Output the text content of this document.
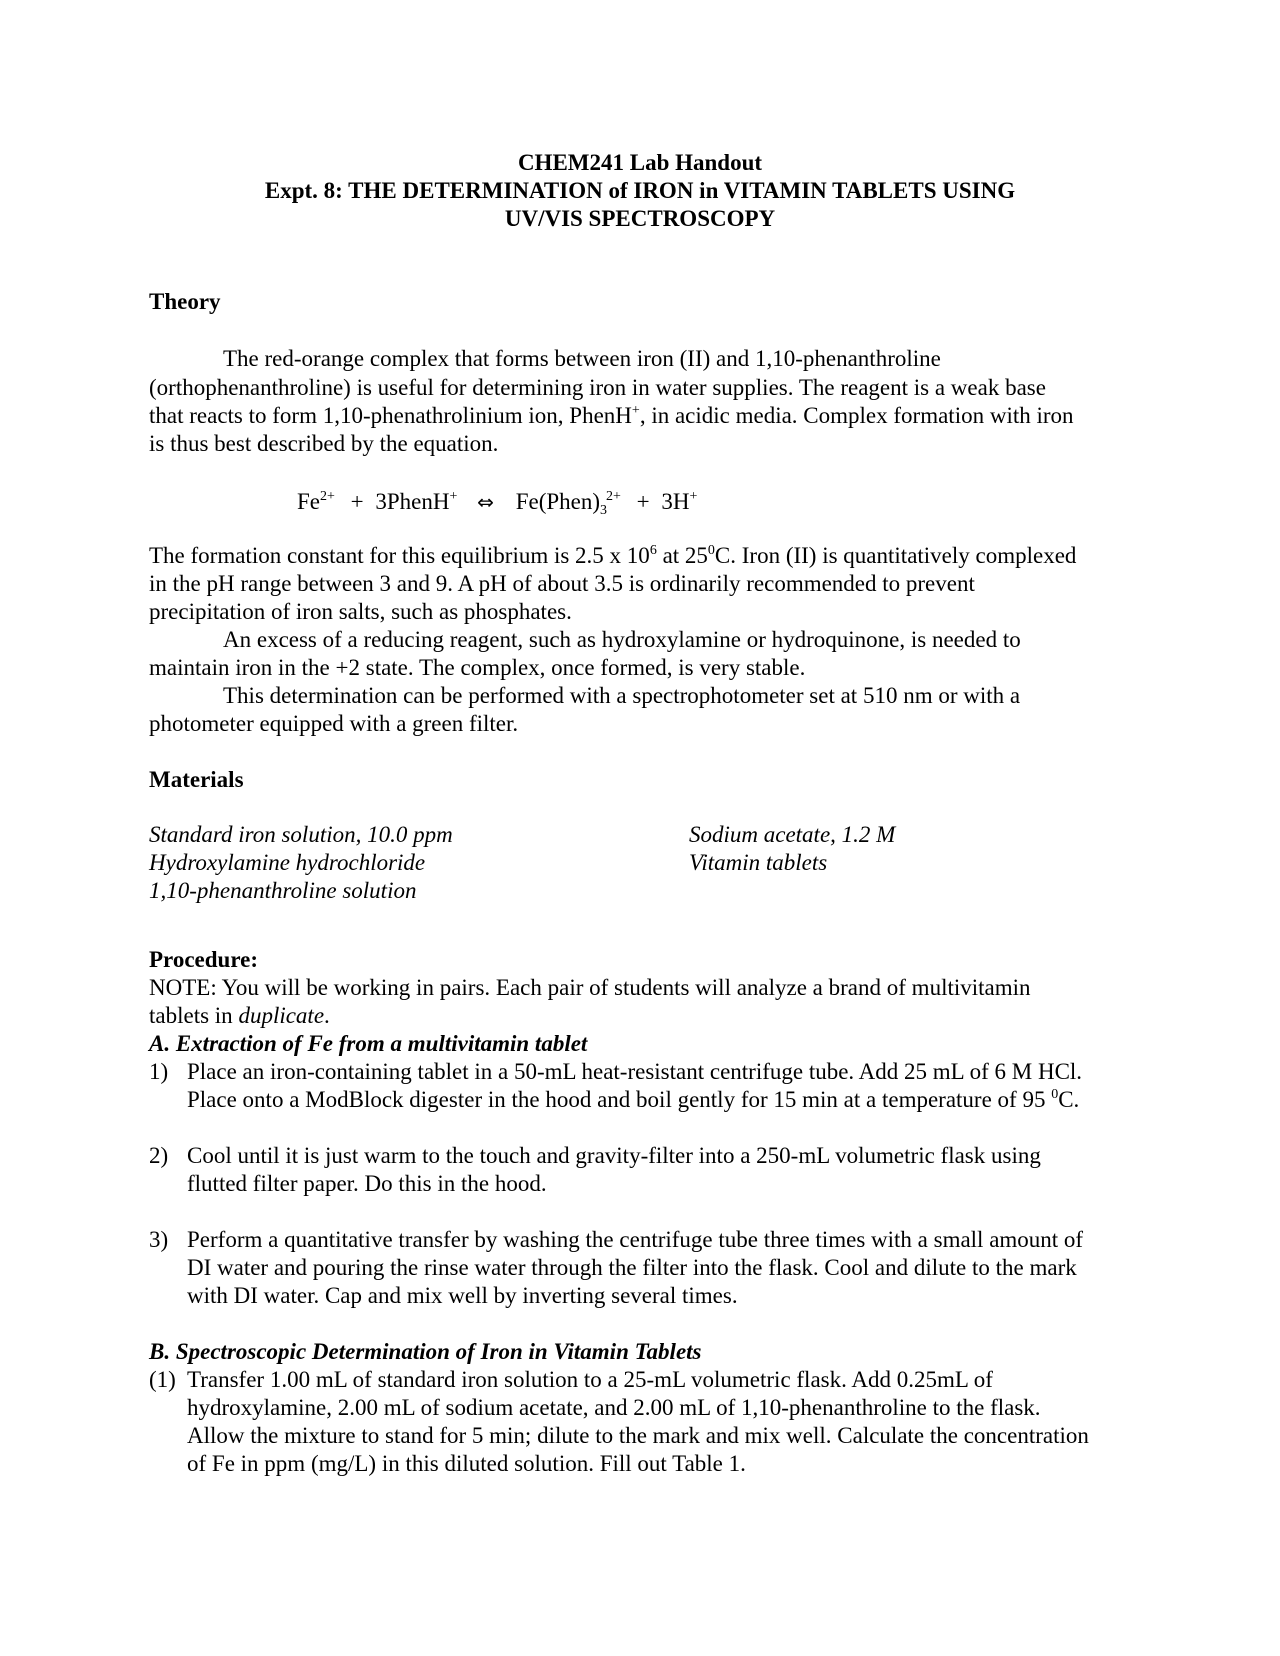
CHEM241 Lab Handout
Expt. 8: THE DETERMINATION of IRON in VITAMIN TABLETS USING
UV/VIS SPECTROSCOPY
Theory
The red-orange complex that forms between iron (II) and 1,10-phenanthroline
(orthophenanthroline) is useful for determining iron in water supplies. The reagent is a weak base
that reacts to form 1,10-phenathrolinium ion, PhenH+, in acidic media. Complex formation with iron
is thus best described by the equation.
$Fe^{2+}$ + 3PhenH+ ⇔ $Fe(Phen)_3^{2+} + 3H^+$
The formation constant for this equilibrium is 2.5 x $10^6$ at $25^0C$. Iron (II) is quantitatively complexed
in the pH range between 3 and 9. A pH of about 3.5 is ordinarily recommended to prevent
precipitation of iron salts, such as phosphates.
An excess of a reducing reagent, such as hydroxylamine or hydroquinone, is needed to
maintain iron in the +2 state. The complex, once formed, is very stable.
This determination can be performed with a spectrophotometer set at 510 nm or with a
photometer equipped with a green filter.
Materials
Standard iron solution, 10.0 ppm
Hydroxylamine hydrochloride
1,10-phenanthroline solution
Sodium acetate, 1.2 M
Vitamin tablets
Procedure:
NOTE: You will be working in pairs. Each pair of students will analyze a brand of multivitamin
tablets in duplicate.
A. Extraction of Fe from a multivitamin tablet
1) Place an iron-containing tablet in a 50-mL heat-resistant centrifuge tube. Add 25 mL of 6 M HCl.
Place onto a ModBlock digester in the hood and boil gently for 15 min at a temperature of 95 $^0$C.
2) Cool until it is just warm to the touch and gravity-filter into a 250-mL volumetric flask using
flutted filter paper. Do this in the hood.
3) Perform a quantitative transfer by washing the centrifuge tube three times with a small amount of
DI water and pouring the rinse water through the filter into the flask. Cool and dilute to the mark
with DI water. Cap and mix well by inverting several times.
B. Spectroscopic Determination of Iron in Vitamin Tablets
(1) Transfer 1.00 mL of standard iron solution to a 25-mL volumetric flask. Add 0.25mL of
hydroxylamine, 2.00 mL of sodium acetate, and 2.00 mL of 1,10-phenanthroline to the flask.
Allow the mixture to stand for 5 min; dilute to the mark and mix well. Calculate the concentration
of Fe in ppm (mg/L) in this diluted solution. Fill out Table 1.
